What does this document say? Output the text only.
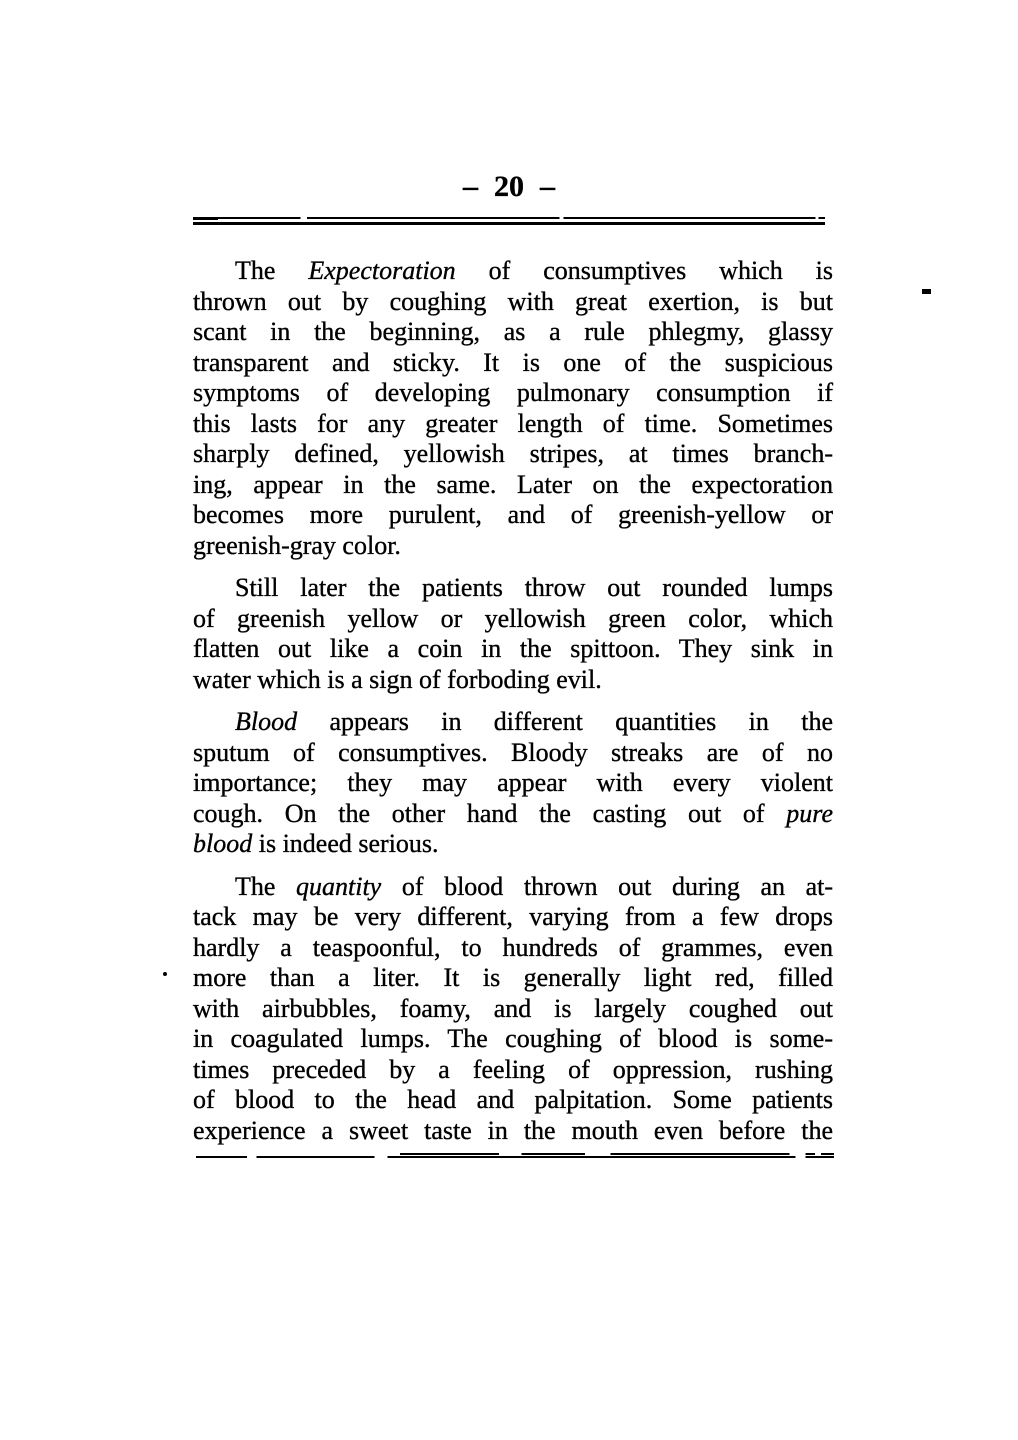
– 20 –
The Expectoration of consumptives which is
thrown out by coughing with great exertion, is but
scant in the beginning, as a rule phlegmy, glassy
transparent and sticky. It is one of the suspicious
symptoms of developing pulmonary consumption if
this lasts for any greater length of time. Sometimes
sharply defined, yellowish stripes, at times branch-
ing, appear in the same. Later on the expectoration
becomes more purulent, and of greenish-yellow or
greenish-gray color.
Still later the patients throw out rounded lumps
of greenish yellow or yellowish green color, which
flatten out like a coin in the spittoon. They sink in
water which is a sign of forboding evil.
Blood appears in different quantities in the
sputum of consumptives. Bloody streaks are of no
importance; they may appear with every violent
cough. On the other hand the casting out of pure
blood is indeed serious.
The quantity of blood thrown out during an at-
tack may be very different, varying from a few drops
hardly a teaspoonful, to hundreds of grammes, even
more than a liter. It is generally light red, filled
with airbubbles, foamy, and is largely coughed out
in coagulated lumps. The coughing of blood is some-
times preceded by a feeling of oppression, rushing
of blood to the head and palpitation. Some patients
experience a sweet taste in the mouth even before the
